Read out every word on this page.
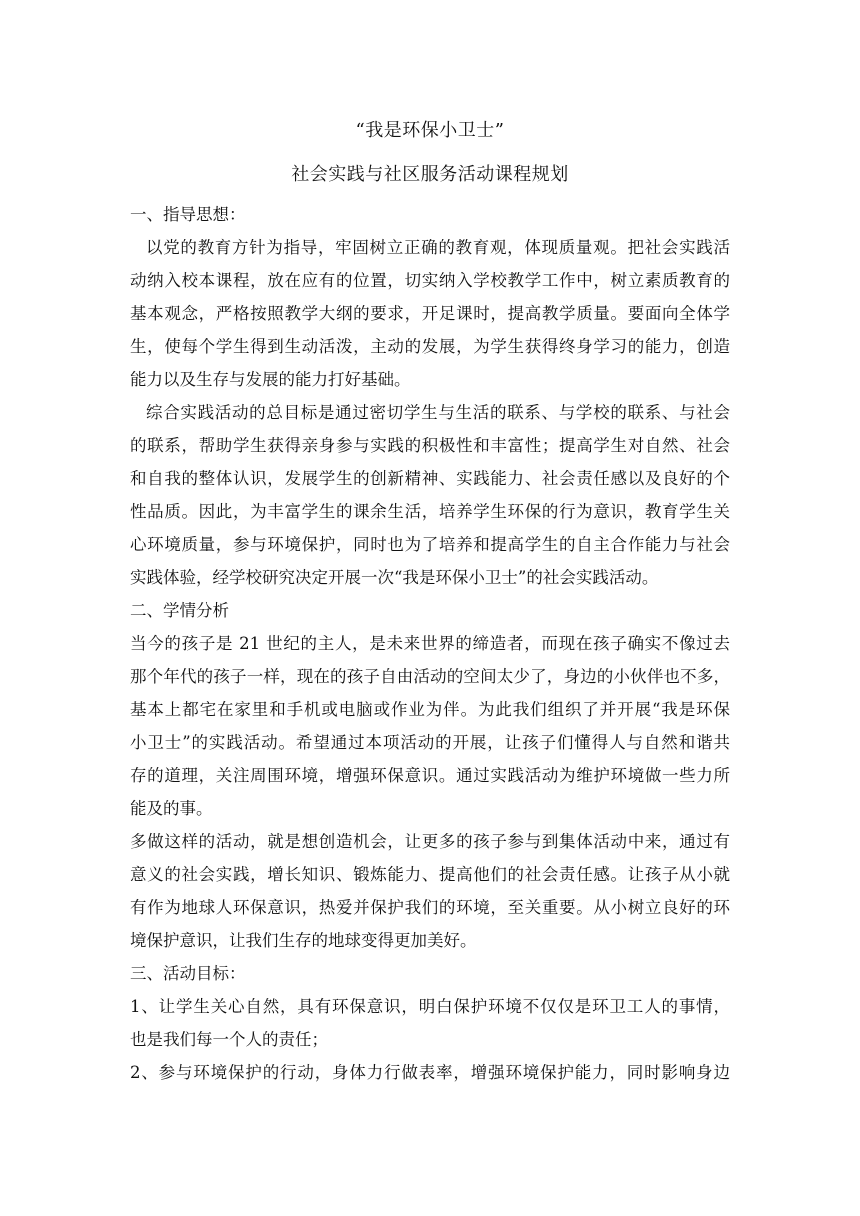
“我是环保小卫士”
社会实践与社区服务活动课程规划
一、指导思想：
以党的教育方针为指导，牢固树立正确的教育观，体现质量观。把社会实践活
动纳入校本课程，放在应有的位置，切实纳入学校教学工作中，树立素质教育的
基本观念，严格按照教学大纲的要求，开足课时，提高教学质量。要面向全体学
生，使每个学生得到生动活泼，主动的发展，为学生获得终身学习的能力，创造
能力以及生存与发展的能力打好基础。
综合实践活动的总目标是通过密切学生与生活的联系、与学校的联系、与社会
的联系，帮助学生获得亲身参与实践的积极性和丰富性；提高学生对自然、社会
和自我的整体认识，发展学生的创新精神、实践能力、社会责任感以及良好的个
性品质。因此，为丰富学生的课余生活，培养学生环保的行为意识，教育学生关
心环境质量，参与环境保护，同时也为了培养和提高学生的自主合作能力与社会
实践体验，经学校研究决定开展一次“我是环保小卫士”的社会实践活动。
二、学情分析
当今的孩子是 21 世纪的主人，是未来世界的缔造者，而现在孩子确实不像过去
那个年代的孩子一样，现在的孩子自由活动的空间太少了，身边的小伙伴也不多，
基本上都宅在家里和手机或电脑或作业为伴。为此我们组织了并开展“我是环保
小卫士”的实践活动。希望通过本项活动的开展，让孩子们懂得人与自然和谐共
存的道理，关注周围环境，增强环保意识。通过实践活动为维护环境做一些力所
能及的事。
多做这样的活动，就是想创造机会，让更多的孩子参与到集体活动中来，通过有
意义的社会实践，增长知识、锻炼能力、提高他们的社会责任感。让孩子从小就
有作为地球人环保意识，热爱并保护我们的环境，至关重要。从小树立良好的环
境保护意识，让我们生存的地球变得更加美好。
三、活动目标：
1、让学生关心自然，具有环保意识，明白保护环境不仅仅是环卫工人的事情，
也是我们每一个人的责任；
2、参与环境保护的行动，身体力行做表率，增强环境保护能力，同时影响身边
